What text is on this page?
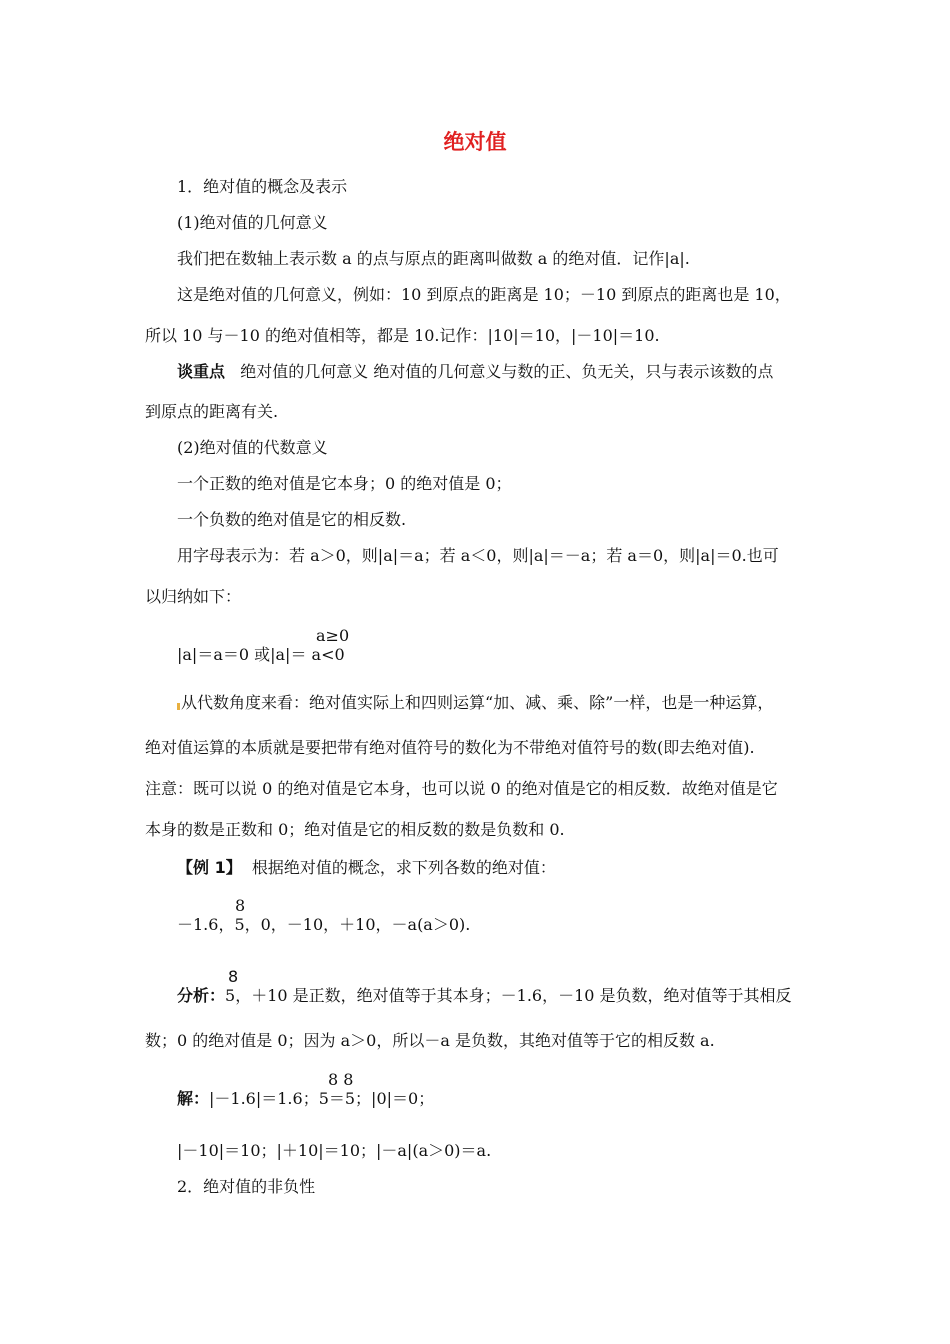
绝对值
1．绝对值的概念及表示
(1)绝对值的几何意义
我们把在数轴上表示数 a 的点与原点的距离叫做数 a 的绝对值．记作|a|.
这是绝对值的几何意义，例如：10 到原点的距离是 10；－10 到原点的距离也是 10，
所以 10 与－10 的绝对值相等，都是 10.记作：|10|＝10，|－10|＝10.
谈重点 绝对值的几何意义 绝对值的几何意义与数的正、负无关，只与表示该数的点
到原点的距离有关.
(2)绝对值的代数意义
一个正数的绝对值是它本身；0 的绝对值是 0；
一个负数的绝对值是它的相反数.
用字母表示为：若 a＞0，则|a|＝a；若 a＜0，则|a|＝－a；若 a＝0，则|a|＝0.也可
以归纳如下：
a≥0
|a|＝a＝0 或|a|＝ a<0
从代数角度来看：绝对值实际上和四则运算“加、减、乘、除”一样，也是一种运算，
绝对值运算的本质就是要把带有绝对值符号的数化为不带绝对值符号的数(即去绝对值).
注意：既可以说 0 的绝对值是它本身，也可以说 0 的绝对值是它的相反数．故绝对值是它
本身的数是正数和 0；绝对值是它的相反数的数是负数和 0.
【例 1】 根据绝对值的概念，求下列各数的绝对值：
8
－1.6，5，0，－10，＋10，－a(a＞0).
8
分析：5，＋10 是正数，绝对值等于其本身；－1.6，－10 是负数，绝对值等于其相反
数；0 的绝对值是 0；因为 a＞0，所以－a 是负数，其绝对值等于它的相反数 a.
8 8
解：|－1.6|＝1.6；5＝5；|0|＝0；
|－10|＝10；|＋10|＝10；|－a|(a＞0)＝a.
2．绝对值的非负性
